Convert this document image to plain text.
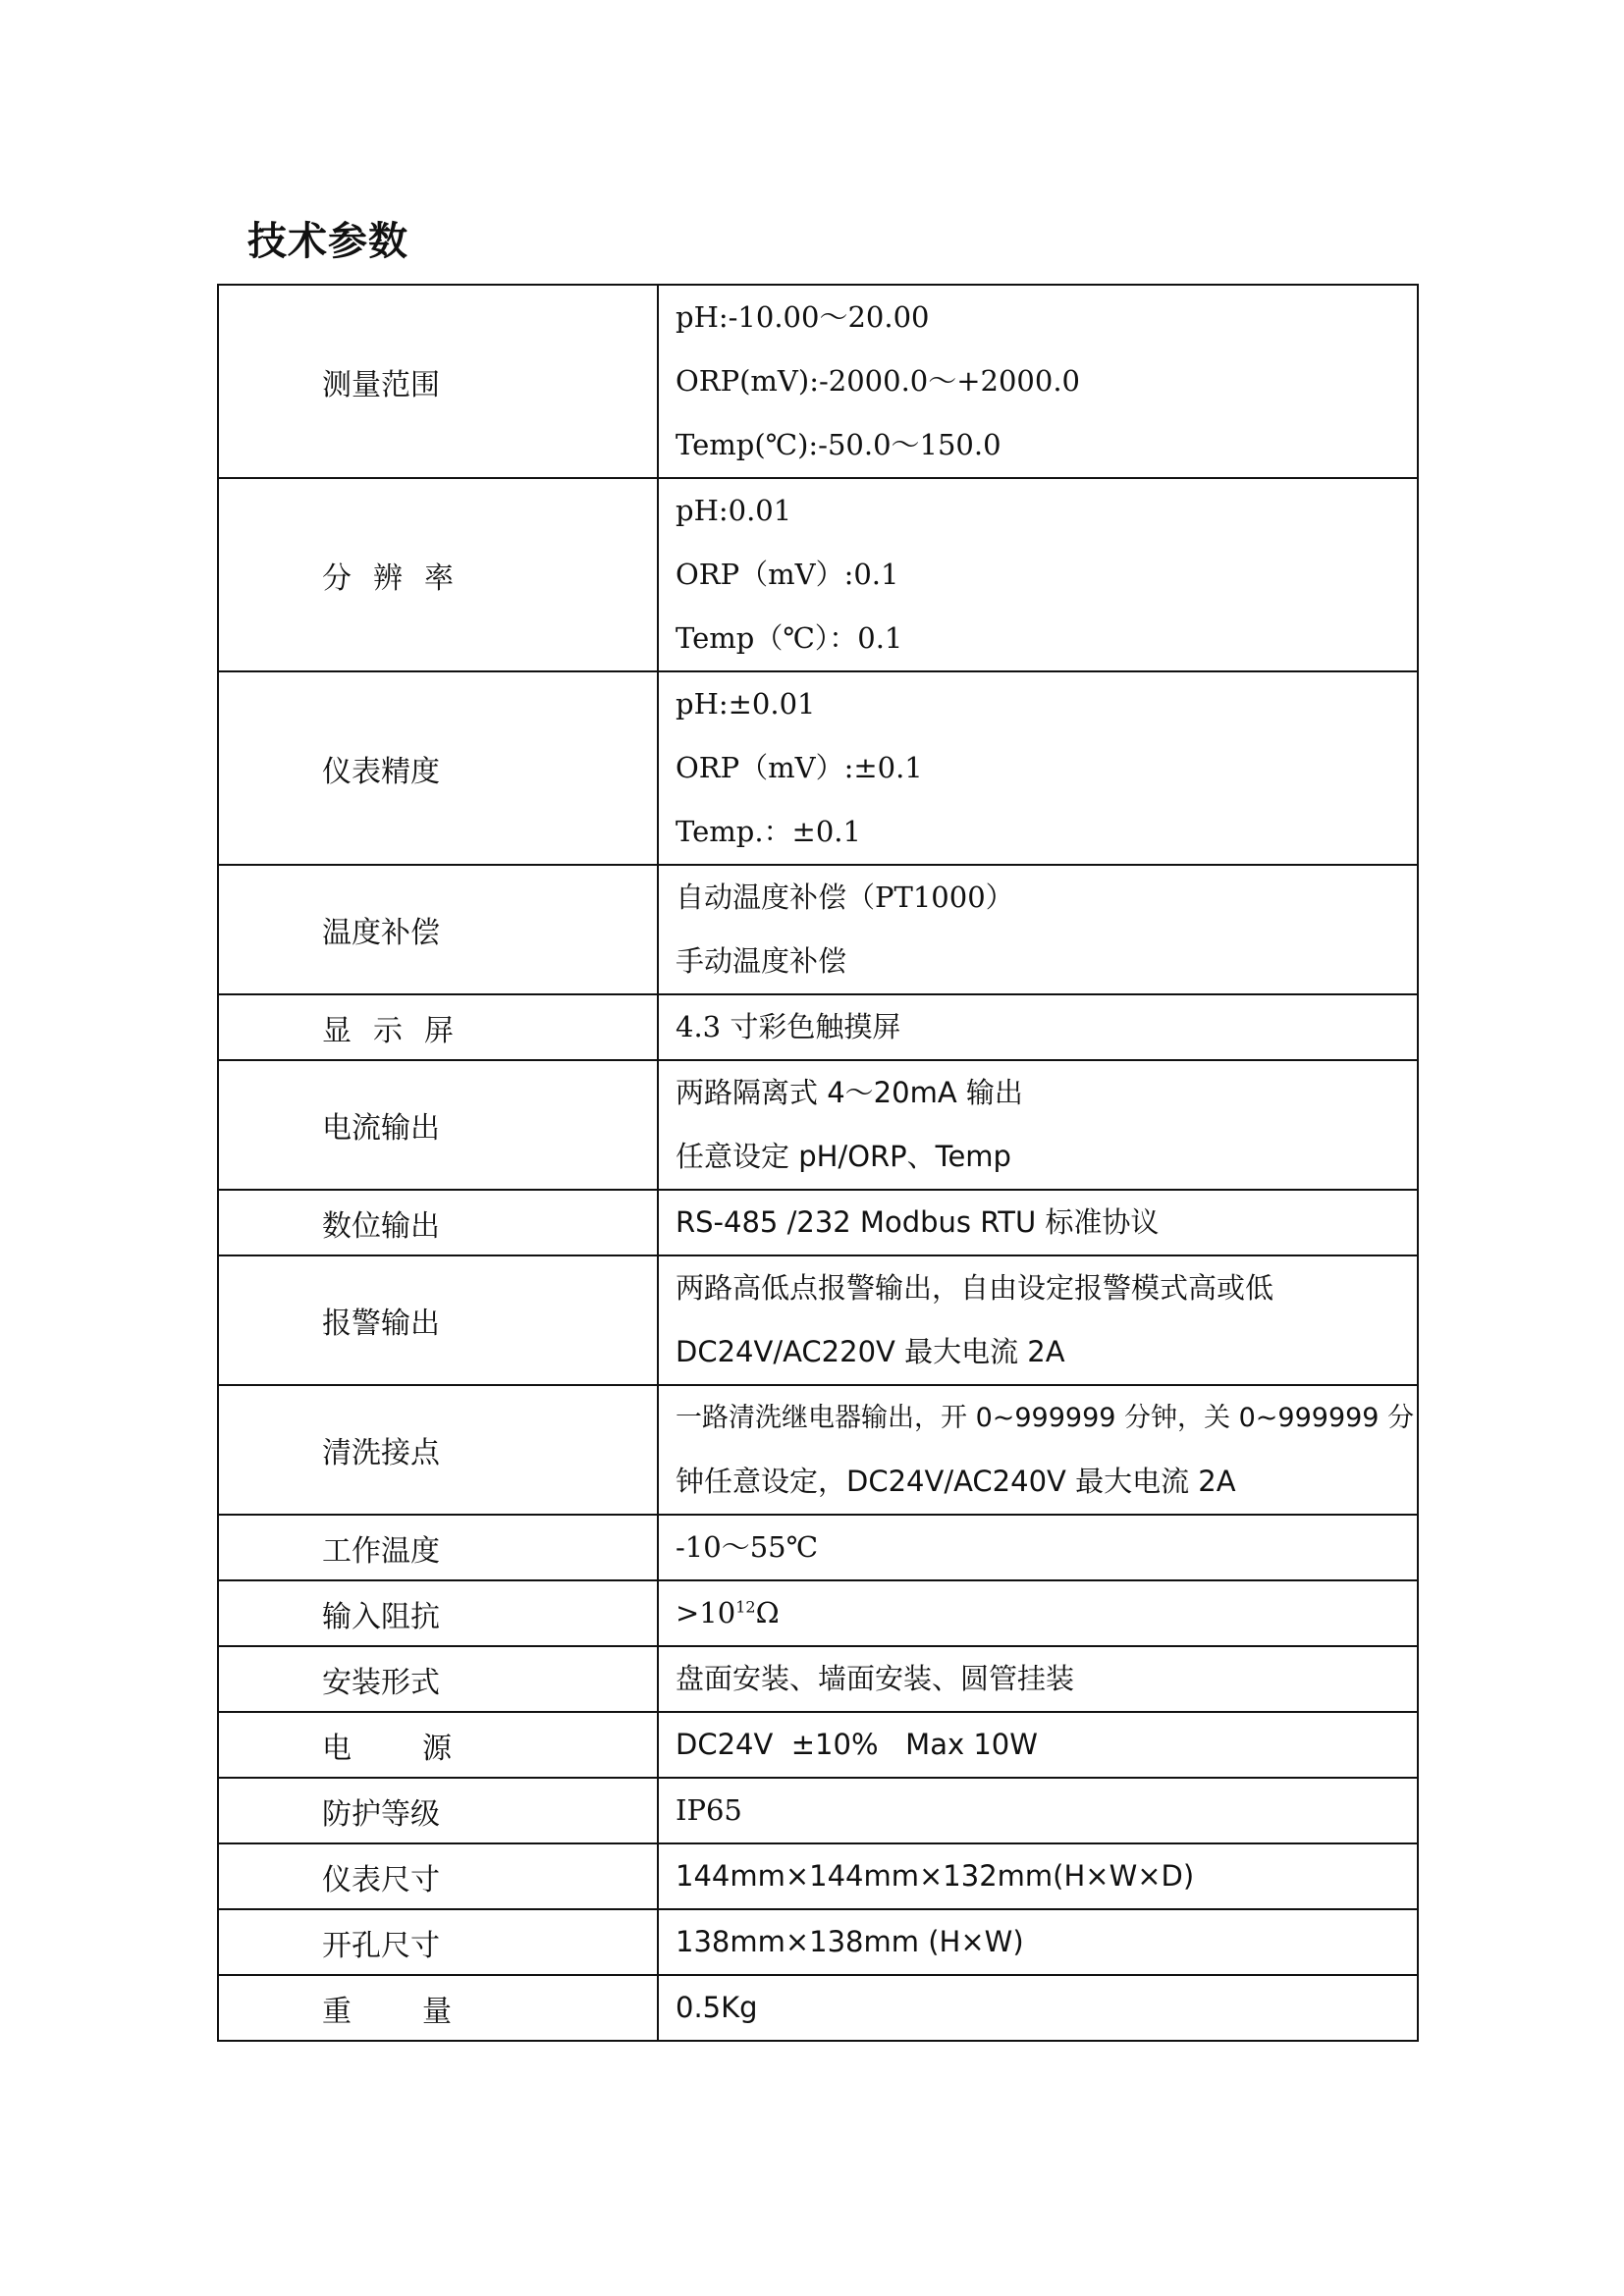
技术参数
测量范围	pH:-10.00～20.00
ORP(mV):-2000.0～+2000.0
Temp(℃):-50.0～150.0

分辨率	pH:0.01
ORP（mV）:0.1
Temp（℃）：0.1

仪表精度	pH:±0.01
ORP（mV）:±0.1
Temp.：±0.1

温度补偿	自动温度补偿（PT1000）
手动温度补偿

显示屏	4.3 寸彩色触摸屏

电流输出	两路隔离式 4～20mA 输出
任意设定 pH/ORP、Temp

数位输出	RS-485 /232 Modbus RTU 标准协议

报警输出	两路高低点报警输出，自由设定报警模式高或低
DC24V/AC220V 最大电流 2A

清洗接点	一路清洗继电器输出，开 0~999999 分钟，关 0~999999 分
钟任意设定，DC24V/AC240V 最大电流 2A

工作温度	-10～55℃

输入阻抗	$>10^{12}\Omega$

安装形式	盘面安装、墙面安装、圆管挂装

电源	DC24V  ±10%   Max 10W

防护等级	IP65

仪表尺寸	144mm×144mm×132mm(H×W×D)

开孔尺寸	138mm×138mm (H×W)

重量	0.5Kg
